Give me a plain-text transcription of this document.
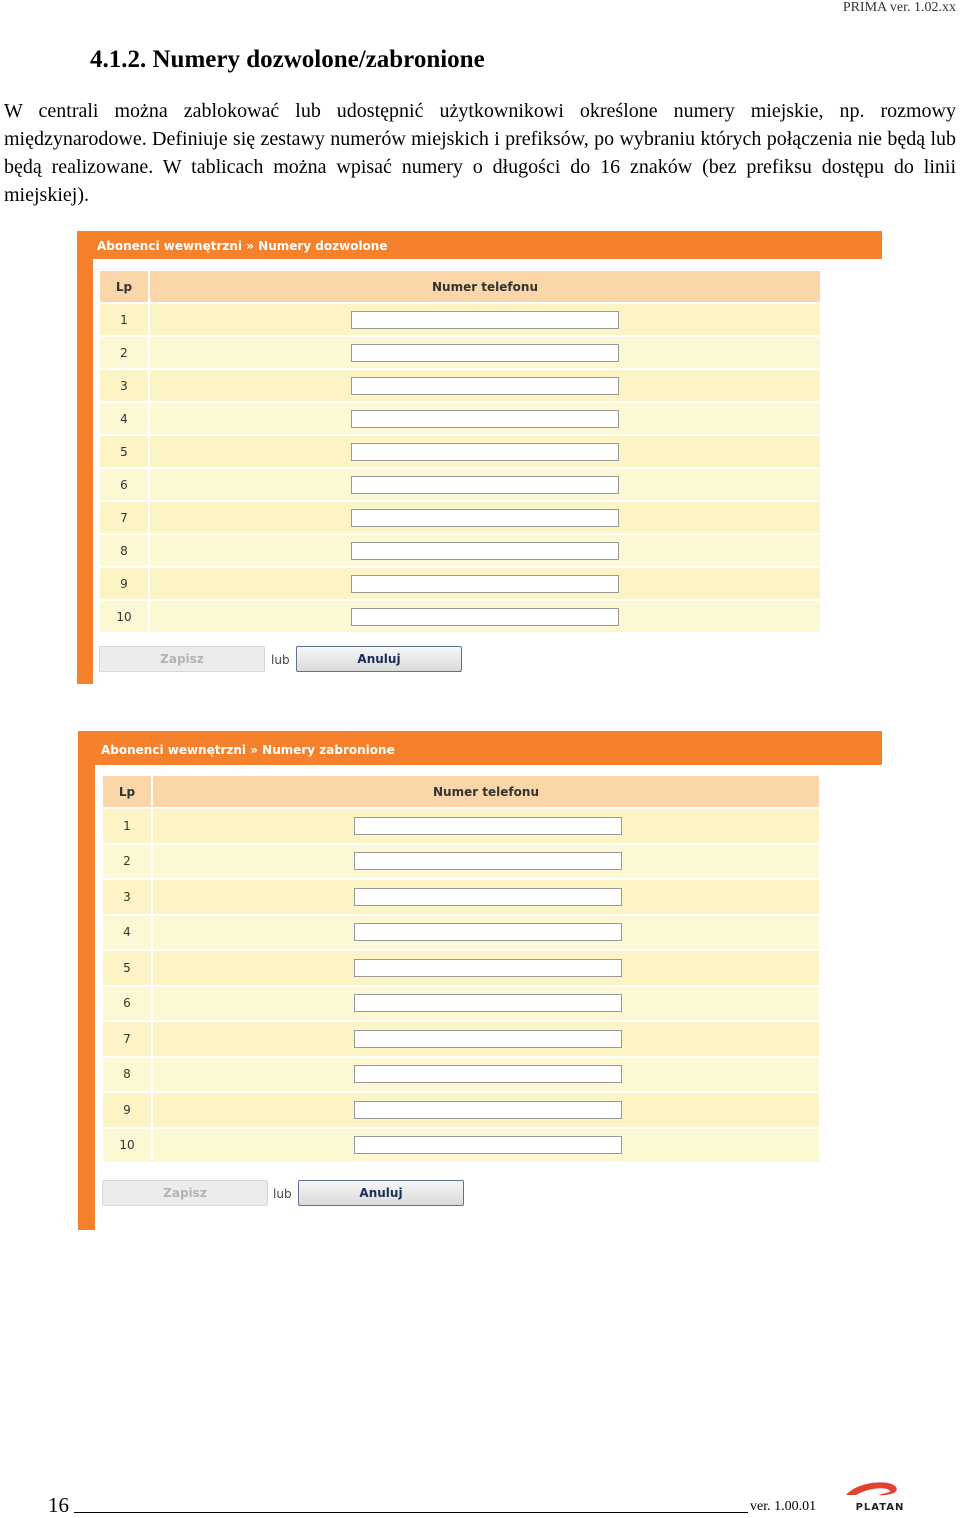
PRIMA ver. 1.02.xx
4.1.2. Numery dozwolone/zabronione
W centrali można zablokować lub udostępnić użytkownikowi określone numery miejskie, np. rozmowy międzynarodowe. Definiuje się zestawy numerów miejskich i prefiksów, po wybraniu których połączenia nie będą lub będą realizowane. W tablicach można wpisać numery o długości do 16 znaków (bez prefiksu dostępu do linii miejskiej).
Abonenci wewnętrzni » Numery dozwolone
Lp	Numer telefonu
1	
2	
3	
4	
5	
6	
7	
8	
9	
10	
Zapisz	lub	Anuluj
Abonenci wewnętrzni » Numery zabronione
Lp	Numer telefonu
1	
2	
3	
4	
5	
6	
7	
8	
9	
10	
Zapisz	lub	Anuluj
16	ver. 1.00.01	PLATAN
